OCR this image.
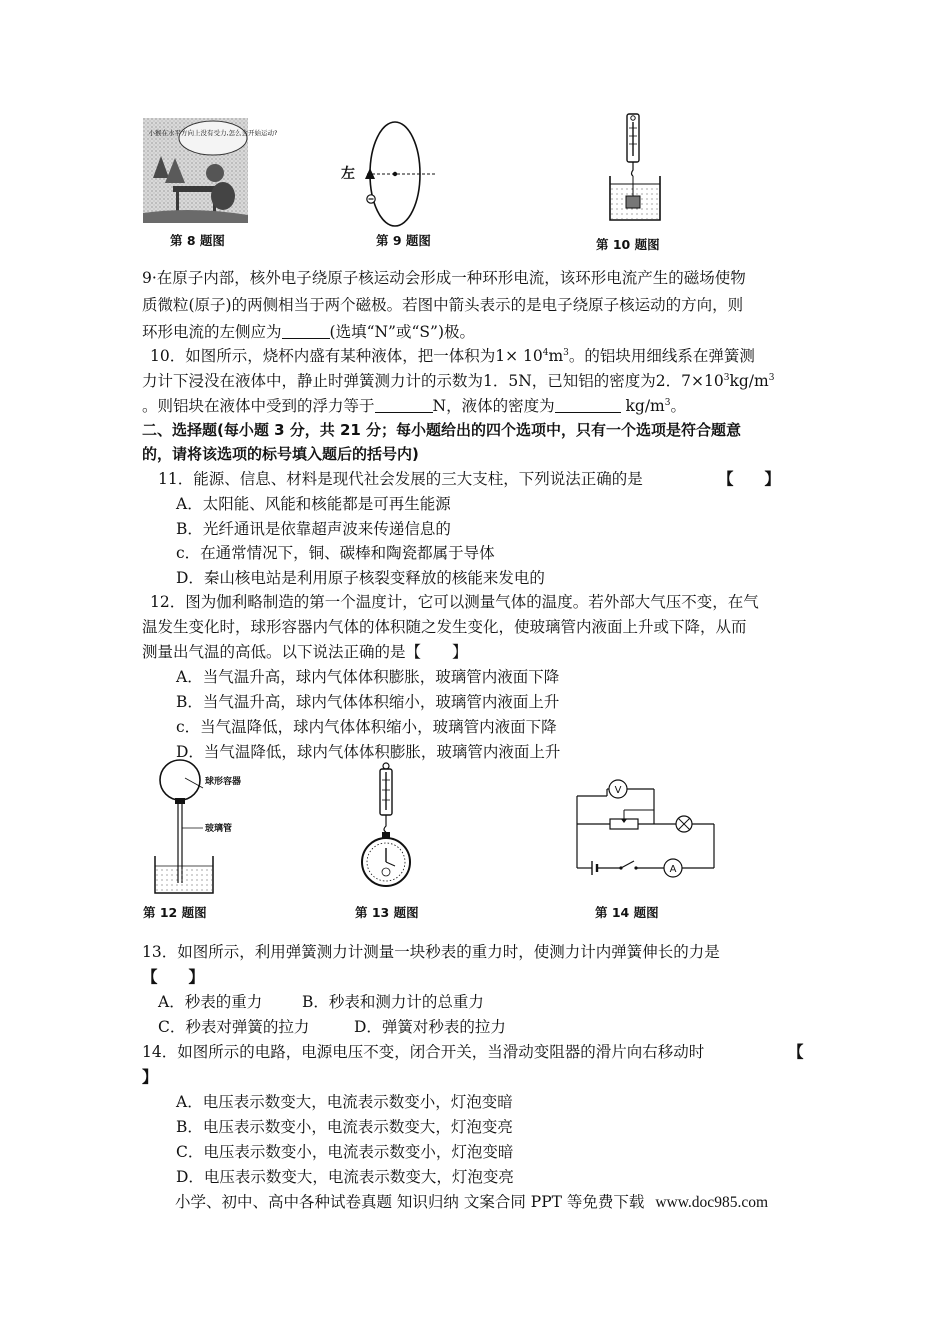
小猴在水平方向上没有受力,怎么会开始运动?
第 8 题图
左
第 9 题图	第 10 题图
9·在原子内部，核外电子绕原子核运动会形成一种环形电流，该环形电流产生的磁场使物
质微粒(原子)的两侧相当于两个磁极。若图中箭头表示的是电子绕原子核运动的方向，则
环形电流的左侧应为	(选填“N”或“S”)极。
10．如图所示，烧杯内盛有某种液体，把一体积为$1\times 10^4m^3$。的铝块用细线系在弹簧测
力计下浸没在液体中，静止时弹簧测力计的示数为1．5N，已知铝的密度为2．$7\times 10^3kg/m^3$
。则铝块在液体中受到的浮力等于	N，液体的密度为	$kg/m^3$。
二、选择题(每小题 3 分，共 21 分；每小题给出的四个选项中，只有一个选项是符合题意
的，请将该选项的标号填入题后的括号内)
11．能源、信息、材料是现代社会发展的三大支柱，下列说法正确的是	【　　】
A．太阳能、风能和核能都是可再生能源
B．光纤通讯是依靠超声波来传递信息的
c．在通常情况下，铜、碳棒和陶瓷都属于导体
D．秦山核电站是利用原子核裂变释放的核能来发电的
12．图为伽利略制造的第一个温度计，它可以测量气体的温度。若外部大气压不变，在气
温发生变化时，球形容器内气体的体积随之发生变化，使玻璃管内液面上升或下降，从而
测量出气温的高低。以下说法正确的是【　　】
A．当气温升高，球内气体体积膨胀，玻璃管内液面下降
B．当气温升高，球内气体体积缩小，玻璃管内液面上升
c．当气温降低，球内气体体积缩小，玻璃管内液面下降
D．当气温降低，球内气体体积膨胀，玻璃管内液面上升
球形容器
玻璃管
第 12 题图	第 13 题图
V
A
第 14 题图
13．如图所示，利用弹簧测力计测量一块秒表的重力时，使测力计内弹簧伸长的力是
【　　】
A．秒表的重力	B．秒表和测力计的总重力
C．秒表对弹簧的拉力	D．弹簧对秒表的拉力
14．如图所示的电路，电源电压不变，闭合开关，当滑动变阻器的滑片向右移动时	【
】
A．电压表示数变大，电流表示数变小，灯泡变暗
B．电压表示数变小，电流表示数变大，灯泡变亮
C．电压表示数变小，电流表示数变小，灯泡变暗
D．电压表示数变大，电流表示数变大，灯泡变亮
小学、初中、高中各种试卷真题 知识归纳 文案合同 PPT 等免费下载 www.doc985.com
